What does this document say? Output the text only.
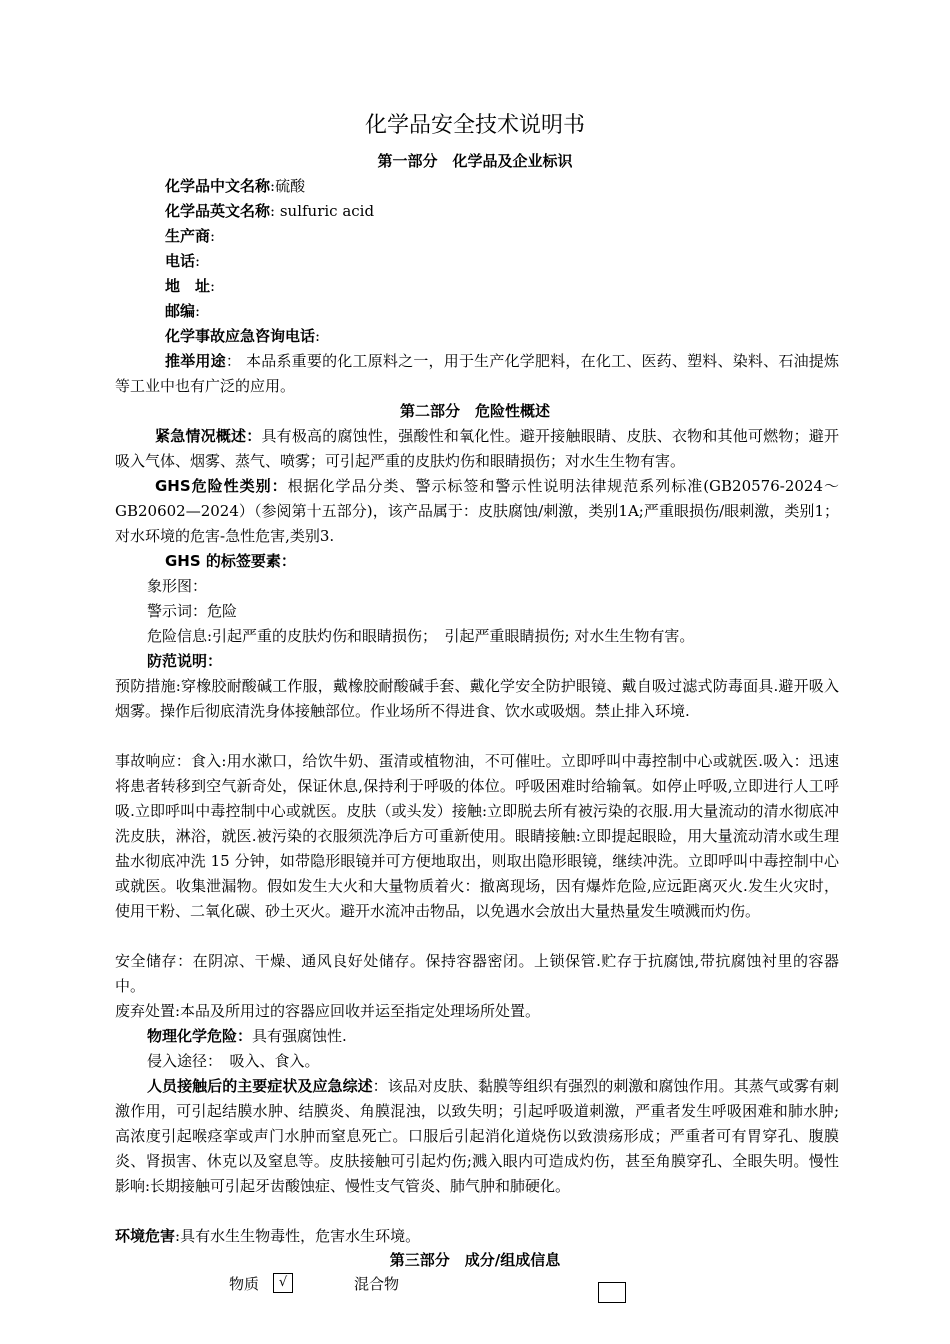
化学品安全技术说明书
第一部分　化学品及企业标识
化学品中文名称:硫酸
化学品英文名称: sulfuric acid
生产商:
电话:
地　址:
邮编:
化学事故应急咨询电话:
推举用途： 本品系重要的化工原料之一，用于生产化学肥料，在化工、医药、塑料、染料、石油提炼等工业中也有广泛的应用。
第二部分　危险性概述
紧急情况概述：具有极高的腐蚀性，强酸性和氧化性。避开接触眼睛、皮肤、衣物和其他可燃物；避开吸入气体、烟雾、蒸气、喷雾；可引起严重的皮肤灼伤和眼睛损伤；对水生生物有害。
GHS危险性类别：根据化学品分类、警示标签和警示性说明法律规范系列标准(GB20576-2024～GB20602—2024）（参阅第十五部分)，该产品属于：皮肤腐蚀/刺激，类别1A;严重眼损伤/眼刺激，类别1；对水环境的危害-急性危害,类别3.
GHS 的标签要素：
象形图：
警示词：危险
危险信息:引起严重的皮肤灼伤和眼睛损伤；　引起严重眼睛损伤; 对水生生物有害。
防范说明：
预防措施:穿橡胶耐酸碱工作服，戴橡胶耐酸碱手套、戴化学安全防护眼镜、戴自吸过滤式防毒面具.避开吸入烟雾。操作后彻底清洗身体接触部位。作业场所不得进食、饮水或吸烟。禁止排入环境.
事故响应：食入:用水漱口，给饮牛奶、蛋清或植物油，不可催吐。立即呼叫中毒控制中心或就医.吸入：迅速将患者转移到空气新奇处，保证休息,保持利于呼吸的体位。呼吸困难时给输氧。如停止呼吸,立即进行人工呼吸.立即呼叫中毒控制中心或就医。皮肤（或头发）接触:立即脱去所有被污染的衣服.用大量流动的清水彻底冲洗皮肤，淋浴，就医.被污染的衣服须洗净后方可重新使用。眼睛接触:立即提起眼睑，用大量流动清水或生理盐水彻底冲洗 15 分钟，如带隐形眼镜并可方便地取出，则取出隐形眼镜，继续冲洗。立即呼叫中毒控制中心或就医。收集泄漏物。假如发生大火和大量物质着火：撤离现场，因有爆炸危险,应远距离灭火.发生火灾时，使用干粉、二氧化碳、砂土灭火。避开水流冲击物品，以免遇水会放出大量热量发生喷溅而灼伤。
安全储存：在阴凉、干燥、通风良好处储存。保持容器密闭。上锁保管.贮存于抗腐蚀,带抗腐蚀衬里的容器中。
废弃处置:本品及所用过的容器应回收并运至指定处理场所处置。
物理化学危险：具有强腐蚀性.
侵入途径：　吸入、食入。
人员接触后的主要症状及应急综述：该品对皮肤、黏膜等组织有强烈的刺激和腐蚀作用。其蒸气或雾有刺激作用，可引起结膜水肿、结膜炎、角膜混浊，以致失明；引起呼吸道刺激，严重者发生呼吸困难和肺水肿;高浓度引起喉痉挛或声门水肿而窒息死亡。口服后引起消化道烧伤以致溃疡形成；严重者可有胃穿孔、腹膜炎、肾损害、休克以及窒息等。皮肤接触可引起灼伤;溅入眼内可造成灼伤，甚至角膜穿孔、全眼失明。慢性影响:长期接触可引起牙齿酸蚀症、慢性支气管炎、肺气肿和肺硬化。
环境危害:具有水生生物毒性，危害水生环境。
第三部分　成分/组成信息
物质	√	混合物
